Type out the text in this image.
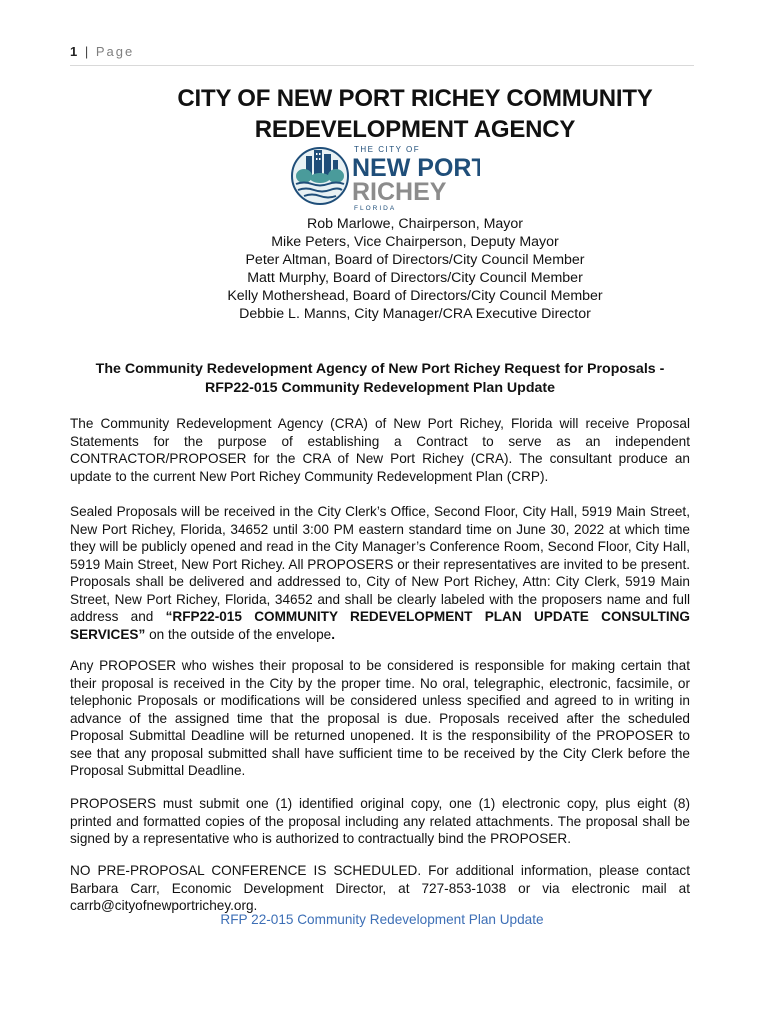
1 | Page
CITY OF NEW PORT RICHEY COMMUNITY
REDEVELOPMENT AGENCY
THE CITY OF
NEW PORT
RICHEY
FLORIDA
Rob Marlowe, Chairperson, Mayor
Mike Peters, Vice Chairperson, Deputy Mayor
Peter Altman, Board of Directors/City Council Member
Matt Murphy, Board of Directors/City Council Member
Kelly Mothershead, Board of Directors/City Council Member
Debbie L. Manns, City Manager/CRA Executive Director
The Community Redevelopment Agency of New Port Richey Request for Proposals -
RFP22-015 Community Redevelopment Plan Update

The Community Redevelopment Agency (CRA) of New Port Richey, Florida will receive Proposal Statements for the purpose of establishing a Contract to serve as an independent CONTRACTOR/PROPOSER for the CRA of New Port Richey (CRA). The consultant produce an update to the current New Port Richey Community Redevelopment Plan (CRP).

Sealed Proposals will be received in the City Clerk’s Office, Second Floor, City Hall, 5919 Main Street, New Port Richey, Florida, 34652 until 3:00 PM eastern standard time on June 30, 2022 at which time they will be publicly opened and read in the City Manager’s Conference Room, Second Floor, City Hall, 5919 Main Street, New Port Richey. All PROPOSERS or their representatives are invited to be present. Proposals shall be delivered and addressed to, City of New Port Richey, Attn: City Clerk, 5919 Main Street, New Port Richey, Florida, 34652 and shall be clearly labeled with the proposers name and full address and “RFP22-015 COMMUNITY REDEVELOPMENT PLAN UPDATE CONSULTING SERVICES” on the outside of the envelope.

Any PROPOSER who wishes their proposal to be considered is responsible for making certain that their proposal is received in the City by the proper time. No oral, telegraphic, electronic, facsimile, or telephonic Proposals or modifications will be considered unless specified and agreed to in writing in advance of the assigned time that the proposal is due. Proposals received after the scheduled Proposal Submittal Deadline will be returned unopened. It is the responsibility of the PROPOSER to see that any proposal submitted shall have sufficient time to be received by the City Clerk before the Proposal Submittal Deadline.

PROPOSERS must submit one (1) identified original copy, one (1) electronic copy, plus eight (8) printed and formatted copies of the proposal including any related attachments. The proposal shall be signed by a representative who is authorized to contractually bind the PROPOSER.

NO PRE-PROPOSAL CONFERENCE IS SCHEDULED. For additional information, please contact Barbara Carr, Economic Development Director, at 727-853-1038 or via electronic mail at carrb@cityofnewportrichey.org.

RFP 22-015 Community Redevelopment Plan Update
